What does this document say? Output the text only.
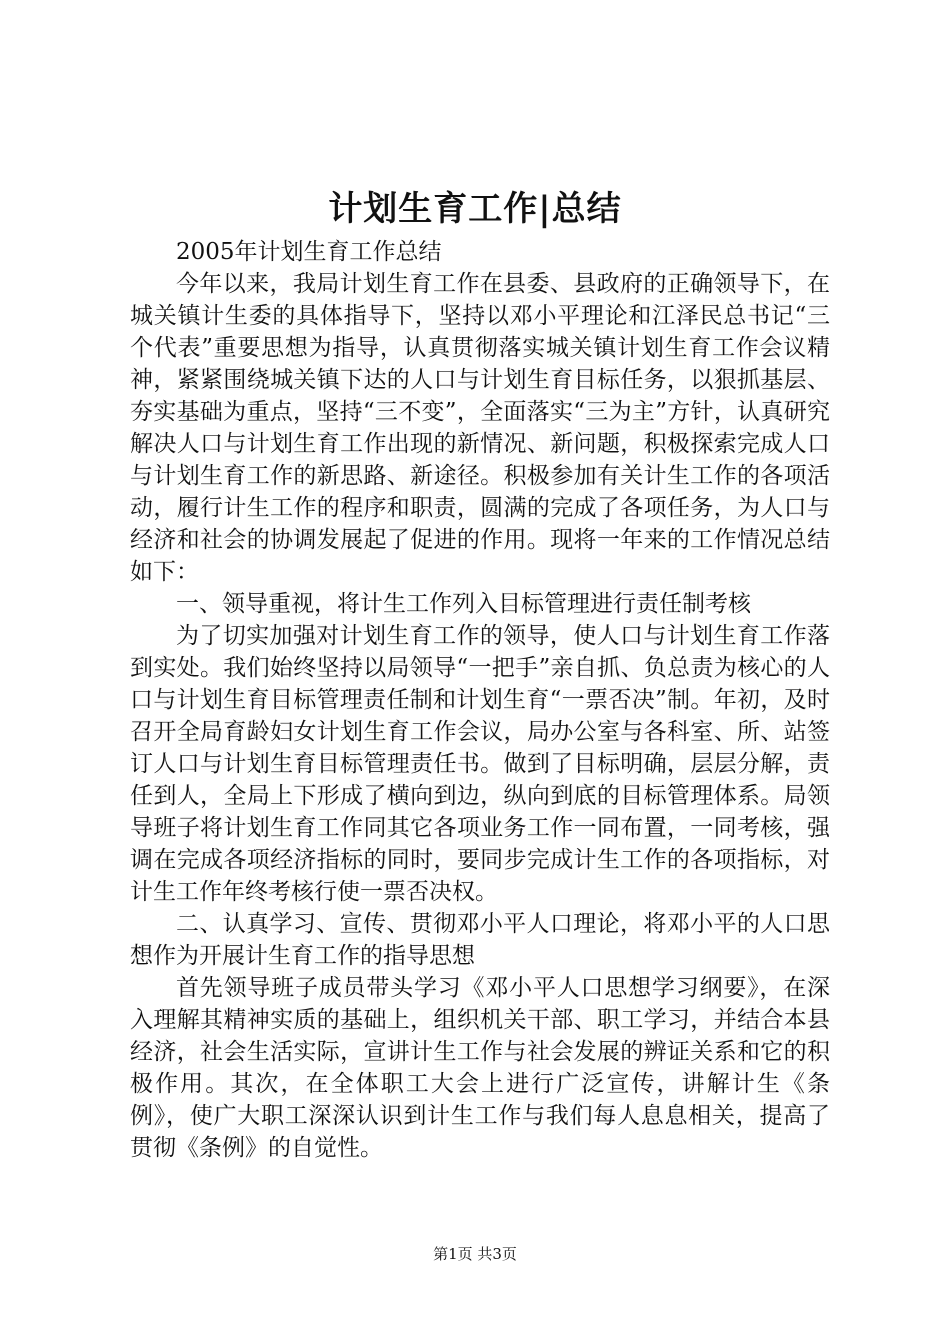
计划生育工作|总结

2005年计划生育工作总结

今年以来，我局计划生育工作在县委、县政府的正确领导下，在城关镇计生委的具体指导下，坚持以邓小平理论和江泽民总书记“三个代表”重要思想为指导，认真贯彻落实城关镇计划生育工作会议精神，紧紧围绕城关镇下达的人口与计划生育目标任务，以狠抓基层、夯实基础为重点，坚持“三不变”，全面落实“三为主”方针，认真研究解决人口与计划生育工作出现的新情况、新问题，积极探索完成人口与计划生育工作的新思路、新途径。积极参加有关计生工作的各项活动，履行计生工作的程序和职责，圆满的完成了各项任务，为人口与经济和社会的协调发展起了促进的作用。现将一年来的工作情况总结如下：

一、领导重视，将计生工作列入目标管理进行责任制考核

为了切实加强对计划生育工作的领导，使人口与计划生育工作落到实处。我们始终坚持以局领导“一把手”亲自抓、负总责为核心的人口与计划生育目标管理责任制和计划生育“一票否决”制。年初，及时召开全局育龄妇女计划生育工作会议，局办公室与各科室、所、站签订人口与计划生育目标管理责任书。做到了目标明确，层层分解，责任到人，全局上下形成了横向到边，纵向到底的目标管理体系。局领导班子将计划生育工作同其它各项业务工作一同布置，一同考核，强调在完成各项经济指标的同时，要同步完成计生工作的各项指标，对计生工作年终考核行使一票否决权。

二、认真学习、宣传、贯彻邓小平人口理论，将邓小平的人口思想作为开展计生育工作的指导思想

首先领导班子成员带头学习《邓小平人口思想学习纲要》，在深入理解其精神实质的基础上，组织机关干部、职工学习，并结合本县经济，社会生活实际，宣讲计生工作与社会发展的辨证关系和它的积极作用。其次，在全体职工大会上进行广泛宣传，讲解计生《条例》，使广大职工深深认识到计生工作与我们每人息息相关，提高了贯彻《条例》的自觉性。

第1页 共3页
